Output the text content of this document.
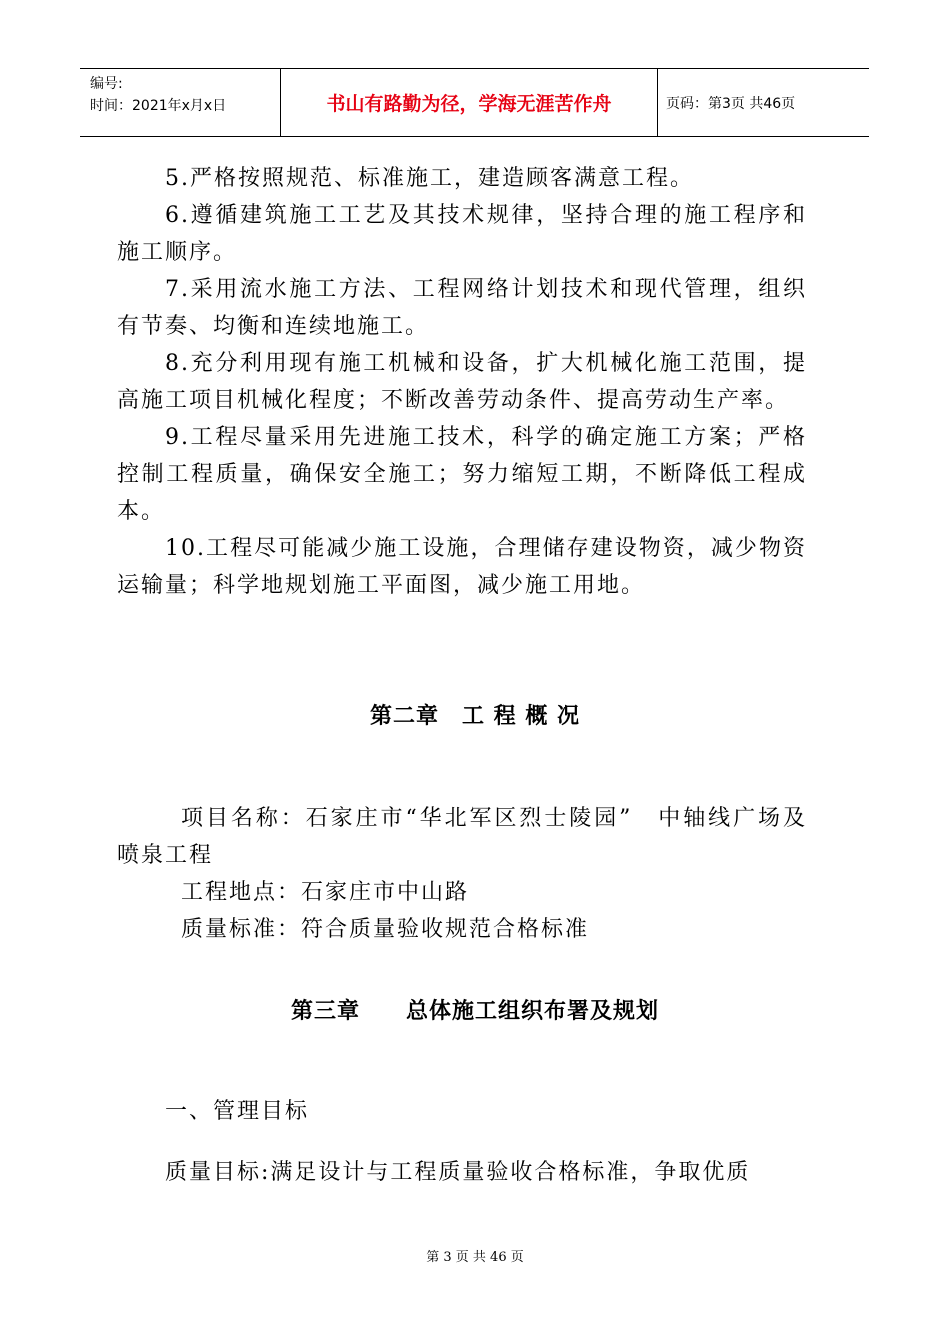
编号:
时间：2021年x月x日	书山有路勤为径，学海无涯苦作舟	页码：第3页 共46页

5.严格按照规范、标准施工，建造顾客满意工程。

6.遵循建筑施工工艺及其技术规律，坚持合理的施工程序和施工顺序。

7.采用流水施工方法、工程网络计划技术和现代管理，组织有节奏、均衡和连续地施工。

8.充分利用现有施工机械和设备，扩大机械化施工范围，提高施工项目机械化程度；不断改善劳动条件、提高劳动生产率。

9.工程尽量采用先进施工技术，科学的确定施工方案；严格控制工程质量，确保安全施工；努力缩短工期，不断降低工程成本。

10.工程尽可能减少施工设施，合理储存建设物资，减少物资运输量；科学地规划施工平面图，减少施工用地。

第二章　工 程 概 况

项目名称：石家庄市“华北军区烈士陵园”　中轴线广场及喷泉工程

工程地点：石家庄市中山路

质量标准：符合质量验收规范合格标准

第三章　　总体施工组织布署及规划

一、管理目标

质量目标:满足设计与工程质量验收合格标准，争取优质

第 3 页 共 46 页
